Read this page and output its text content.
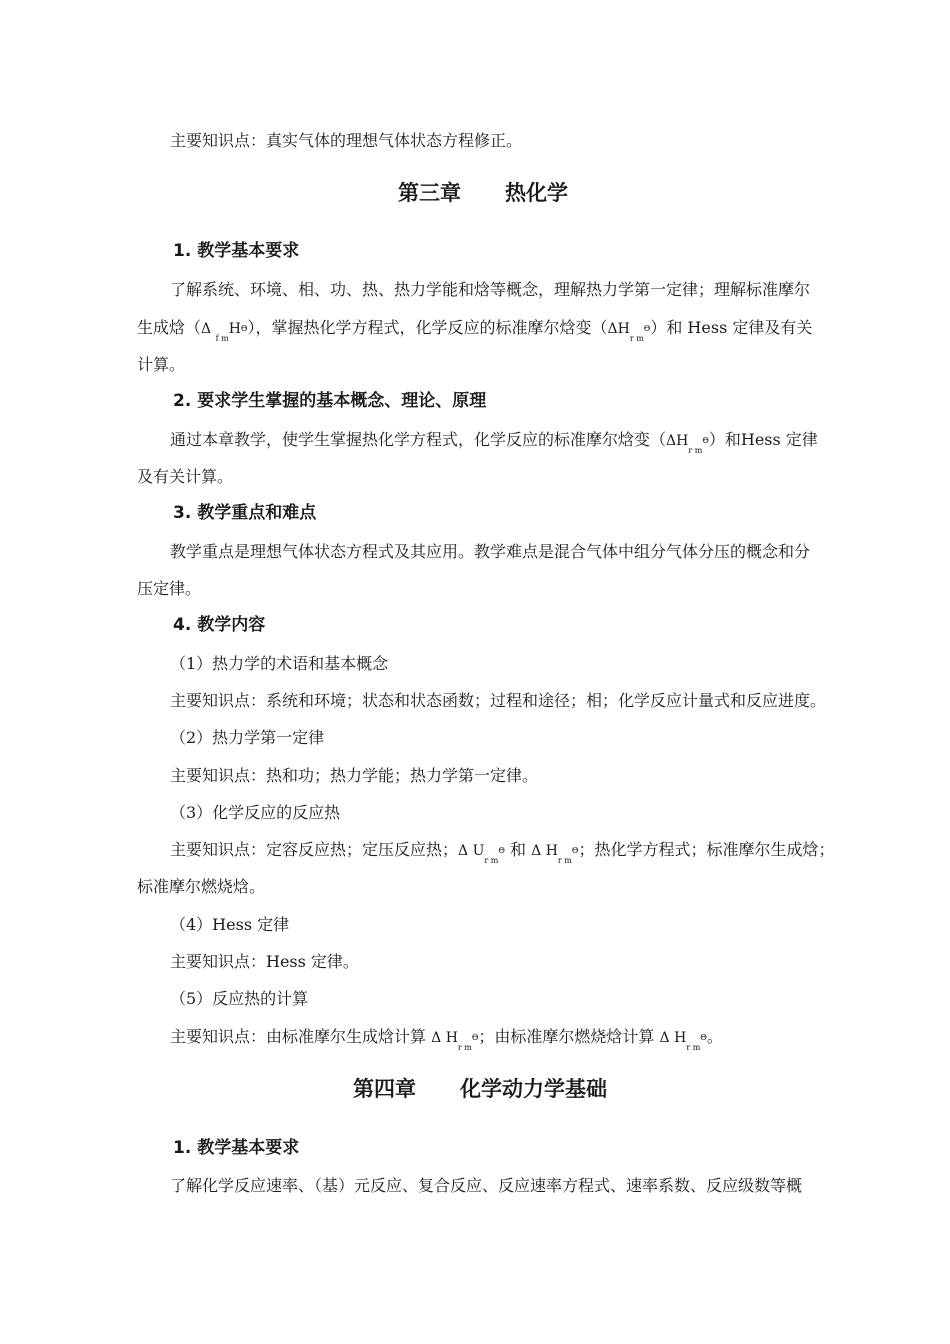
主要知识点：真实气体的理想气体状态方程修正。
第三章 热化学
1. 教学基本要求
了解系统、环境、相、功、热、热力学能和焓等概念，理解热力学第一定律；理解标准摩尔
生成焓（Δ $_{f m}$HΘ），掌握热化学方程式，化学反应的标准摩尔焓变$(\Delta H_{r m}\Theta)$和 Hess 定律及有关
计算。
2. 要求学生掌握的基本概念、理论、原理
通过本章教学，使学生掌握热化学方程式，化学反应的标准摩尔焓变$(\Delta H_{r m}\Theta)$和Hess 定律
及有关计算。
3. 教学重点和难点
教学重点是理想气体状态方程式及其应用。教学难点是混合气体中组分气体分压的概念和分
压定律。
4. 教学内容
（1）热力学的术语和基本概念
主要知识点：系统和环境；状态和状态函数；过程和途径；相；化学反应计量式和反应进度。
（2）热力学第一定律
主要知识点：热和功；热力学能；热力学第一定律。
（3）化学反应的反应热
主要知识点：定容反应热；定压反应热；Δ $U_{r m}\Theta$ 和 Δ $H_{r m}\Theta$；热化学方程式；标准摩尔生成焓；
标准摩尔燃烧焓。
（4）Hess 定律
主要知识点：Hess 定律。
（5）反应热的计算
主要知识点：由标准摩尔生成焓计算 Δ $H_{r m}\Theta$；由标准摩尔燃烧焓计算 Δ $H_{r m}\Theta$。
第四章 化学动力学基础
1. 教学基本要求
了解化学反应速率、（基）元反应、复合反应、反应速率方程式、速率系数、反应级数等概
